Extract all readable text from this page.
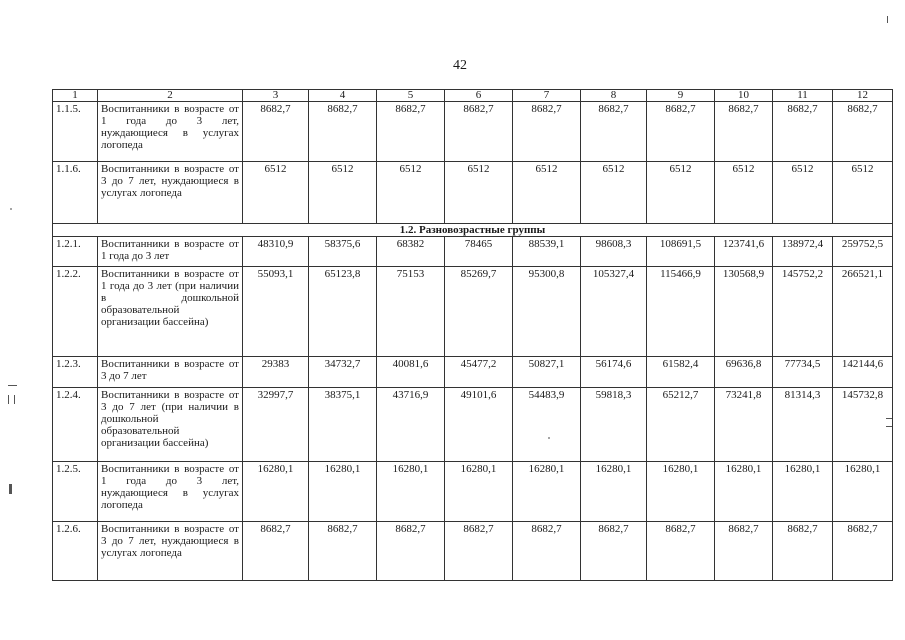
42
1	2	3	4	5	6	7	8	9	10	11	12
1.1.5.	Воспитанники в возрасте от 1 года до 3 лет, нуждающиеся в услугах логопеда	8682,7	8682,7	8682,7	8682,7	8682,7	8682,7	8682,7	8682,7	8682,7	8682,7
1.1.6.	Воспитанники в возрасте от 3 до 7 лет, нуждающиеся в услугах логопеда	6512	6512	6512	6512	6512	6512	6512	6512	6512	6512
1.2. Разновозрастные группы											
1.2.1.	Воспитанники в возрасте от 1 года до 3 лет	48310,9	58375,6	68382	78465	88539,1	98608,3	108691,5	123741,6	138972,4	259752,5
1.2.2.	Воспитанники в возрасте от 1 года до 3 лет (при наличии в дошкольной образовательной организации бассейна)	55093,1	65123,8	75153	85269,7	95300,8	105327,4	115466,9	130568,9	145752,2	266521,1
1.2.3.	Воспитанники в возрасте от 3 до 7 лет	29383	34732,7	40081,6	45477,2	50827,1	56174,6	61582,4	69636,8	77734,5	142144,6
1.2.4.	Воспитанники в возрасте от 3 до 7 лет (при наличии в дошкольной образовательной организации бассейна)	32997,7	38375,1	43716,9	49101,6	54483,9	59818,3	65212,7	73241,8	81314,3	145732,8
1.2.5.	Воспитанники в возрасте от 1 года до 3 лет, нуждающиеся в услугах логопеда	16280,1	16280,1	16280,1	16280,1	16280,1	16280,1	16280,1	16280,1	16280,1	16280,1
1.2.6.	Воспитанники в возрасте от 3 до 7 лет, нуждающиеся в услугах логопеда	8682,7	8682,7	8682,7	8682,7	8682,7	8682,7	8682,7	8682,7	8682,7	8682,7
